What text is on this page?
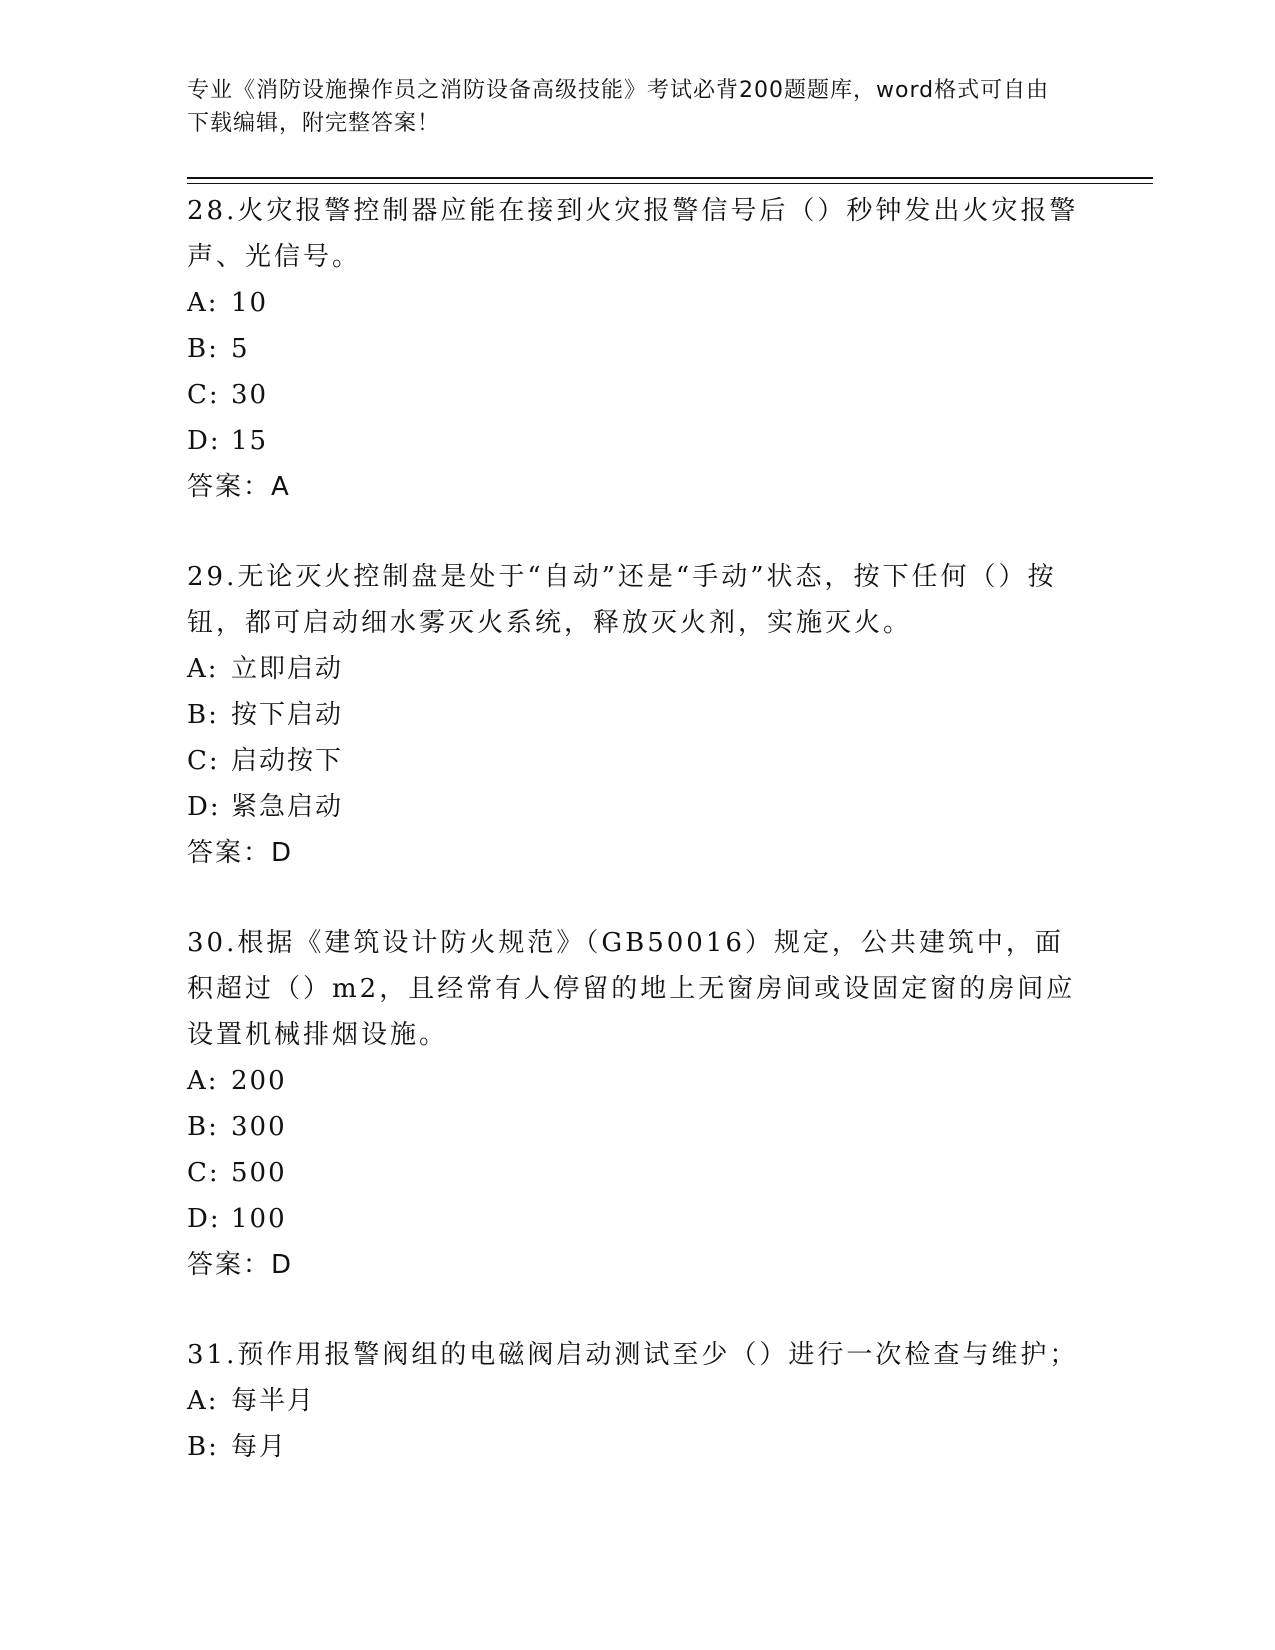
专业《消防设施操作员之消防设备高级技能》考试必背200题题库，word格式可自由下载编辑，附完整答案！
28.火灾报警控制器应能在接到火灾报警信号后（）秒钟发出火灾报警声、光信号。
A: 10
B: 5
C: 30
D: 15
答案：A
29.无论灭火控制盘是处于“自动”还是“手动”状态，按下任何（）按钮，都可启动细水雾灭火系统，释放灭火剂，实施灭火。
A: 立即启动
B: 按下启动
C: 启动按下
D: 紧急启动
答案：D
30.根据《建筑设计防火规范》（GB50016）规定，公共建筑中，面积超过（）m2，且经常有人停留的地上无窗房间或设固定窗的房间应设置机械排烟设施。
A: 200
B: 300
C: 500
D: 100
答案：D
31.预作用报警阀组的电磁阀启动测试至少（）进行一次检查与维护；
A: 每半月
B: 每月
